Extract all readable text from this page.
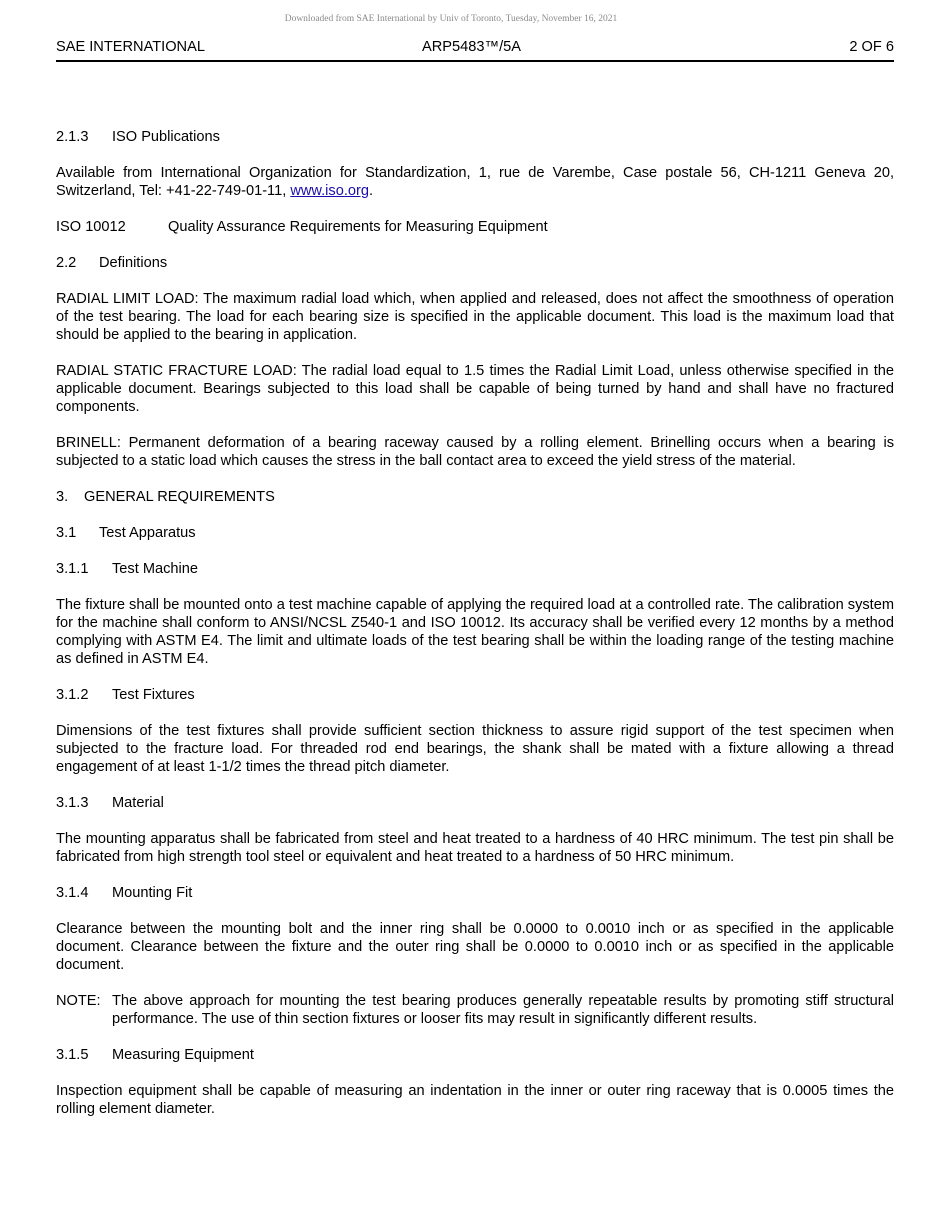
Downloaded from SAE International by Univ of Toronto, Tuesday, November 16, 2021
SAE INTERNATIONAL	ARP5483™/5A	2 OF 6
2.1.3	ISO Publications

Available from International Organization for Standardization, 1, rue de Varembe, Case postale 56, CH-1211 Geneva 20, Switzerland, Tel: +41-22-749-01-11, www.iso.org.

ISO 10012	Quality Assurance Requirements for Measuring Equipment
2.2	Definitions

RADIAL LIMIT LOAD: The maximum radial load which, when applied and released, does not affect the smoothness of operation of the test bearing. The load for each bearing size is specified in the applicable document. This load is the maximum load that should be applied to the bearing in application.

RADIAL STATIC FRACTURE LOAD: The radial load equal to 1.5 times the Radial Limit Load, unless otherwise specified in the applicable document. Bearings subjected to this load shall be capable of being turned by hand and shall have no fractured components.

BRINELL: Permanent deformation of a bearing raceway caused by a rolling element. Brinelling occurs when a bearing is subjected to a static load which causes the stress in the ball contact area to exceed the yield stress of the material.

3.	GENERAL REQUIREMENTS
3.1	Test Apparatus
3.1.1	Test Machine

The fixture shall be mounted onto a test machine capable of applying the required load at a controlled rate. The calibration system for the machine shall conform to ANSI/NCSL Z540-1 and ISO 10012. Its accuracy shall be verified every 12 months by a method complying with ASTM E4. The limit and ultimate loads of the test bearing shall be within the loading range of the testing machine as defined in ASTM E4.

3.1.2	Test Fixtures

Dimensions of the test fixtures shall provide sufficient section thickness to assure rigid support of the test specimen when subjected to the fracture load. For threaded rod end bearings, the shank shall be mated with a fixture allowing a thread engagement of at least 1-1/2 times the thread pitch diameter.

3.1.3	Material

The mounting apparatus shall be fabricated from steel and heat treated to a hardness of 40 HRC minimum. The test pin shall be fabricated from high strength tool steel or equivalent and heat treated to a hardness of 50 HRC minimum.

3.1.4	Mounting Fit

Clearance between the mounting bolt and the inner ring shall be 0.0000 to 0.0010 inch or as specified in the applicable document. Clearance between the fixture and the outer ring shall be 0.0000 to 0.0010 inch or as specified in the applicable document.

NOTE: The above approach for mounting the test bearing produces generally repeatable results by promoting stiff structural performance. The use of thin section fixtures or looser fits may result in significantly different results.
3.1.5	Measuring Equipment

Inspection equipment shall be capable of measuring an indentation in the inner or outer ring raceway that is 0.0005 times the rolling element diameter.
